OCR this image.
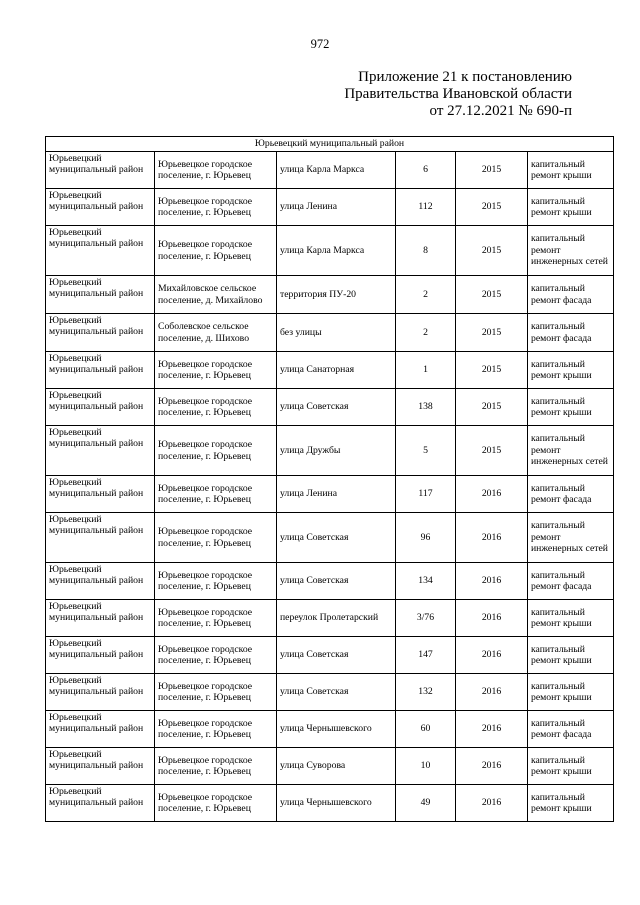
972
Приложение 21 к постановлению
Правительства Ивановской области
от 27.12.2021 № 690-п
Юрьевецкий муниципальный район					
Юрьевецкий муниципальный район	Юрьевецкое городское поселение, г. Юрьевец	улица Карла Маркса	6	2015	капитальный ремонт крыши
Юрьевецкий муниципальный район	Юрьевецкое городское поселение, г. Юрьевец	улица Ленина	112	2015	капитальный ремонт крыши
Юрьевецкий муниципальный район	Юрьевецкое городское поселение, г. Юрьевец	улица Карла Маркса	8	2015	капитальный ремонт инженерных сетей
Юрьевецкий муниципальный район	Михайловское сельское поселение, д. Михайлово	территория ПУ-20	2	2015	капитальный ремонт фасада
Юрьевецкий муниципальный район	Соболевское сельское поселение, д. Шихово	без улицы	2	2015	капитальный ремонт фасада
Юрьевецкий муниципальный район	Юрьевецкое городское поселение, г. Юрьевец	улица Санаторная	1	2015	капитальный ремонт крыши
Юрьевецкий муниципальный район	Юрьевецкое городское поселение, г. Юрьевец	улица Советская	138	2015	капитальный ремонт крыши
Юрьевецкий муниципальный район	Юрьевецкое городское поселение, г. Юрьевец	улица Дружбы	5	2015	капитальный ремонт инженерных сетей
Юрьевецкий муниципальный район	Юрьевецкое городское поселение, г. Юрьевец	улица Ленина	117	2016	капитальный ремонт фасада
Юрьевецкий муниципальный район	Юрьевецкое городское поселение, г. Юрьевец	улица Советская	96	2016	капитальный ремонт инженерных сетей
Юрьевецкий муниципальный район	Юрьевецкое городское поселение, г. Юрьевец	улица Советская	134	2016	капитальный ремонт фасада
Юрьевецкий муниципальный район	Юрьевецкое городское поселение, г. Юрьевец	переулок Пролетарский	3/76	2016	капитальный ремонт крыши
Юрьевецкий муниципальный район	Юрьевецкое городское поселение, г. Юрьевец	улица Советская	147	2016	капитальный ремонт крыши
Юрьевецкий муниципальный район	Юрьевецкое городское поселение, г. Юрьевец	улица Советская	132	2016	капитальный ремонт крыши
Юрьевецкий муниципальный район	Юрьевецкое городское поселение, г. Юрьевец	улица Чернышевского	60	2016	капитальный ремонт фасада
Юрьевецкий муниципальный район	Юрьевецкое городское поселение, г. Юрьевец	улица Суворова	10	2016	капитальный ремонт крыши
Юрьевецкий муниципальный район	Юрьевецкое городское поселение, г. Юрьевец	улица Чернышевского	49	2016	капитальный ремонт крыши
